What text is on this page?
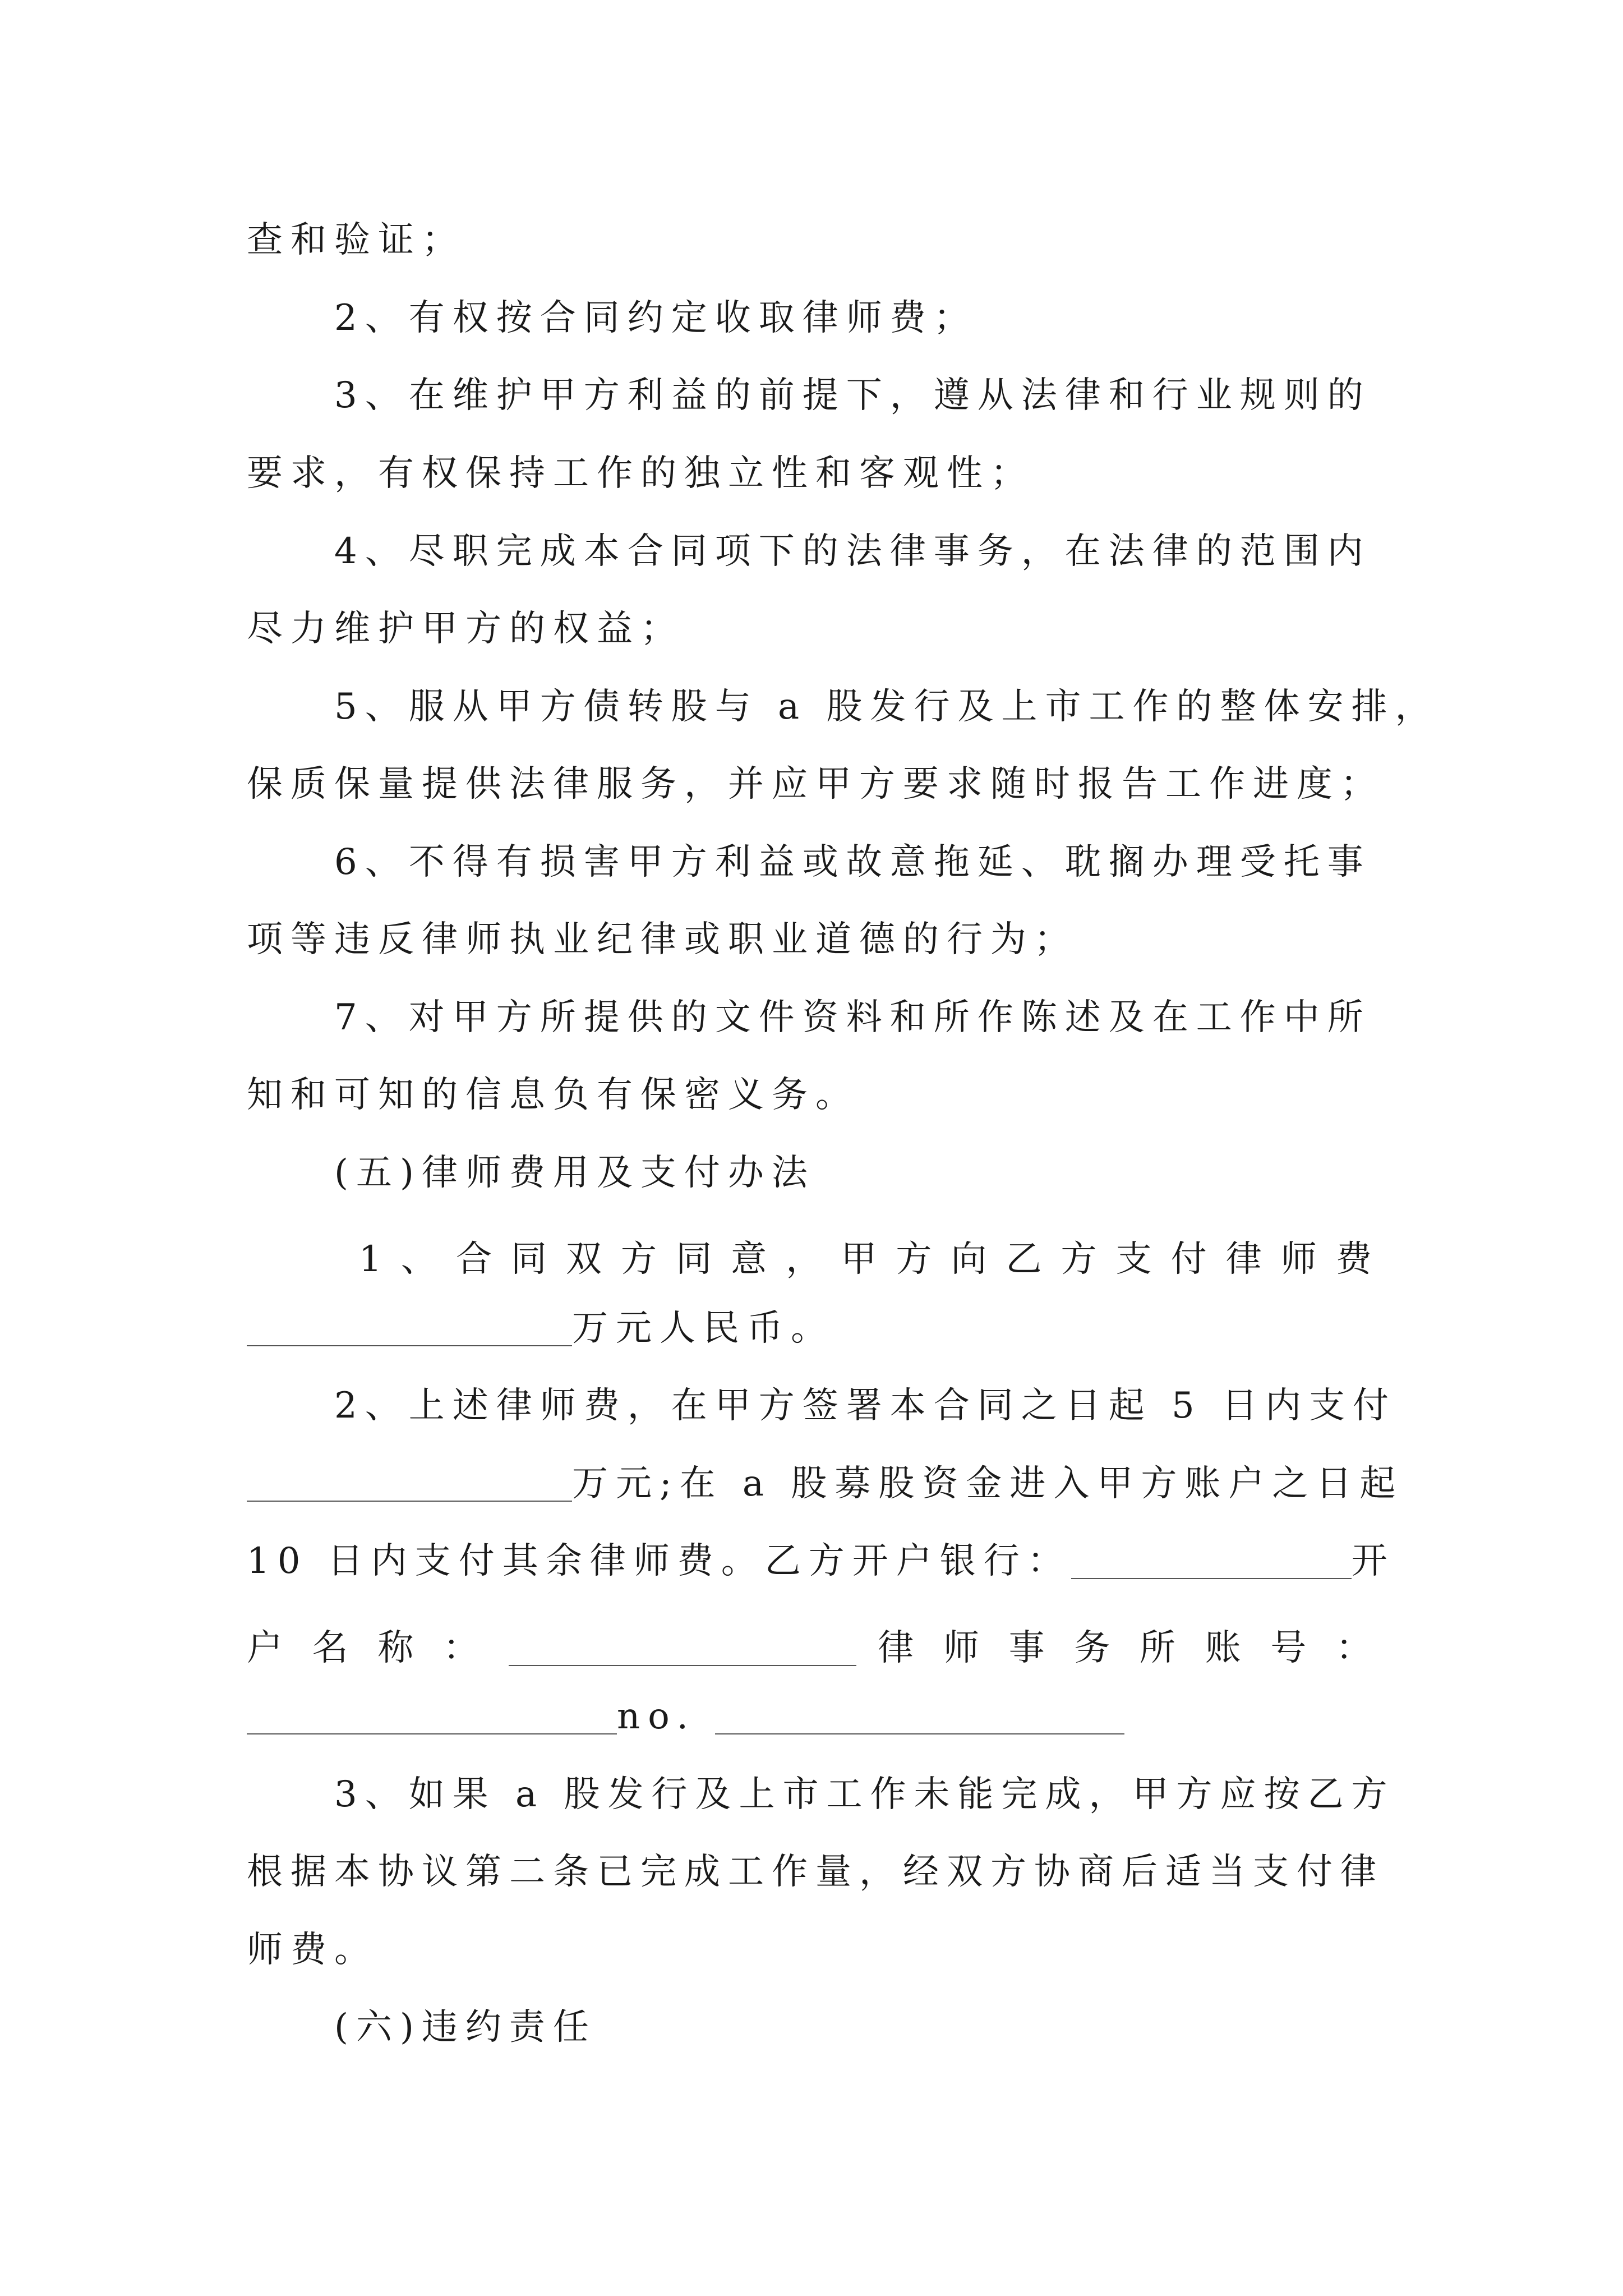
查和验证；
2、有权按合同约定收取律师费；
3、在维护甲方利益的前提下，遵从法律和行业规则的
要求，有权保持工作的独立性和客观性；
4、尽职完成本合同项下的法律事务，在法律的范围内
尽力维护甲方的权益；
5、服从甲方债转股与 a 股发行及上市工作的整体安排，
保质保量提供法律服务，并应甲方要求随时报告工作进度；
6、不得有损害甲方利益或故意拖延、耽搁办理受托事
项等违反律师执业纪律或职业道德的行为；
7、对甲方所提供的文件资料和所作陈述及在工作中所
知和可知的信息负有保密义务。
(五)律师费用及支付办法
1 、 合 同 双 方 同 意 ， 甲 方 向 乙 方 支 付 律 师 费
万元人民币。
2、上述律师费，在甲方签署本合同之日起 5 日内支付
万元;在 a 股募股资金进入甲方账户之日起
10 日内支付其余律师费。乙方开户银行：	开
户 名 称 ：	律 师 事 务 所 账 号 ：
no.
3、如果 a 股发行及上市工作未能完成，甲方应按乙方
根据本协议第二条已完成工作量，经双方协商后适当支付律
师费。
(六)违约责任
